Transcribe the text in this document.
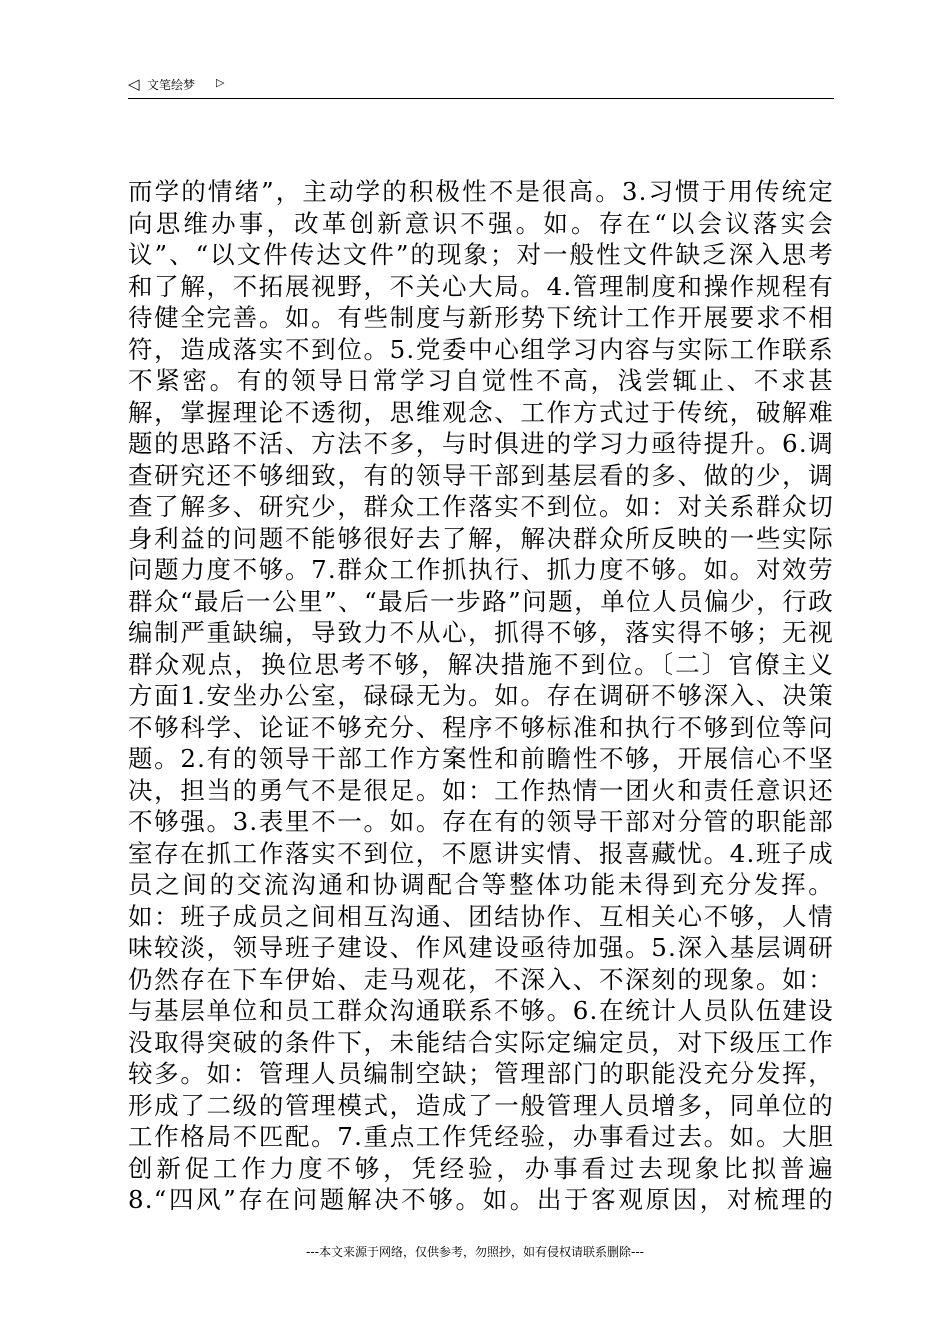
◁ 文笔绘梦 ▷

而学的情绪”，主动学的积极性不是很高。3.习惯于用传统定向思维办事，改革创新意识不强。如。存在“以会议落实会议”、“以文件传达文件”的现象；对一般性文件缺乏深入思考和了解，不拓展视野，不关心大局。4.管理制度和操作规程有待健全完善。如。有些制度与新形势下统计工作开展要求不相符，造成落实不到位。5.党委中心组学习内容与实际工作联系不紧密。有的领导日常学习自觉性不高，浅尝辄止、不求甚解，掌握理论不透彻，思维观念、工作方式过于传统，破解难题的思路不活、方法不多，与时俱进的学习力亟待提升。6.调查研究还不够细致，有的领导干部到基层看的多、做的少，调查了解多、研究少，群众工作落实不到位。如：对关系群众切身利益的问题不能够很好去了解，解决群众所反映的一些实际问题力度不够。7.群众工作抓执行、抓力度不够。如。对效劳群众“最后一公里”、“最后一步路”问题，单位人员偏少，行政编制严重缺编，导致力不从心，抓得不够，落实得不够；无视群众观点，换位思考不够，解决措施不到位。〔二〕官僚主义方面1.安坐办公室，碌碌无为。如。存在调研不够深入、决策不够科学、论证不够充分、程序不够标准和执行不够到位等问题。2.有的领导干部工作方案性和前瞻性不够，开展信心不坚决，担当的勇气不是很足。如：工作热情一团火和责任意识还不够强。3.表里不一。如。存在有的领导干部对分管的职能部室存在抓工作落实不到位，不愿讲实情、报喜藏忧。4.班子成员之间的交流沟通和协调配合等整体功能未得到充分发挥。如：班子成员之间相互沟通、团结协作、互相关心不够，人情味较淡，领导班子建设、作风建设亟待加强。5.深入基层调研仍然存在下车伊始、走马观花，不深入、不深刻的现象。如：与基层单位和员工群众沟通联系不够。6.在统计人员队伍建设没取得突破的条件下，未能结合实际定编定员，对下级压工作较多。如：管理人员编制空缺；管理部门的职能没充分发挥，形成了二级的管理模式，造成了一般管理人员增多，同单位的工作格局不匹配。7.重点工作凭经验，办事看过去。如。大胆创新促工作力度不够，凭经验，办事看过去现象比拟普遍8.“四风”存在问题解决不够。如。出于客观原因，对梳理的

---本文来源于网络，仅供参考，勿照抄，如有侵权请联系删除---
